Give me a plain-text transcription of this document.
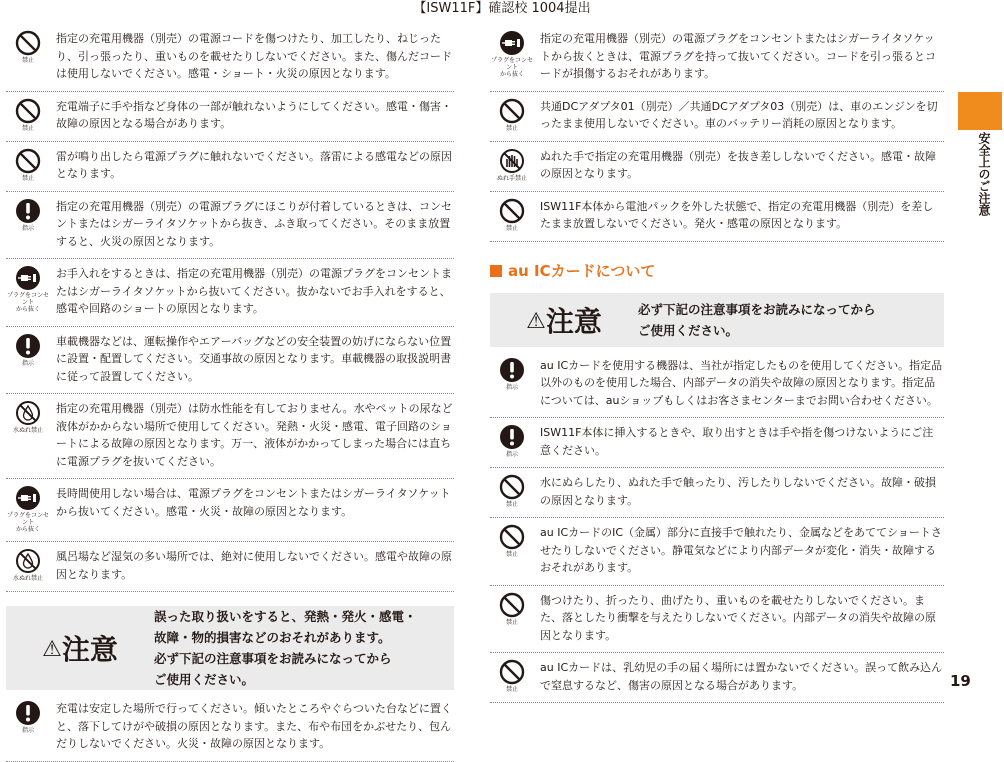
【ISW11F】確認校 1004提出
禁止
指定の充電用機器（別売）の電源コードを傷つけたり、加工したり、ねじったり、引っ張ったり、重いものを載せたりしないでください。また、傷んだコードは使用しないでください。感電・ショート・火災の原因となります。
禁止
充電端子に手や指など身体の一部が触れないようにしてください。感電・傷害・故障の原因となる場合があります。
禁止
雷が鳴り出したら電源プラグに触れないでください。落雷による感電などの原因となります。
指示
指定の充電用機器（別売）の電源プラグにほこりが付着しているときは、コンセントまたはシガーライタソケットから抜き、ふき取ってください。そのまま放置すると、火災の原因となります。
プラグをコンセント
から抜く
お手入れをするときは、指定の充電用機器（別売）の電源プラグをコンセントまたはシガーライタソケットから抜いてください。抜かないでお手入れをすると、感電や回路のショートの原因となります。
指示
車載機器などは、運転操作やエアーバッグなどの安全装置の妨げにならない位置に設置・配置してください。交通事故の原因となります。車載機器の取扱説明書に従って設置してください。
水ぬれ禁止
指定の充電用機器（別売）は防水性能を有しておりません。水やペットの尿など液体がかからない場所で使用してください。発熱・火災・感電、電子回路のショートによる故障の原因となります。万一、液体がかかってしまった場合には直ちに電源プラグを抜いてください。
プラグをコンセント
から抜く
長時間使用しない場合は、電源プラグをコンセントまたはシガーライタソケットから抜いてください。感電・火災・故障の原因となります。
水ぬれ禁止
風呂場など湿気の多い場所では、絶対に使用しないでください。感電や故障の原因となります。
⚠注意
誤った取り扱いをすると、発熱・発火・感電・
故障・物的損害などのおそれがあります。
必ず下記の注意事項をお読みになってから
ご使用ください。
指示
充電は安定した場所で行ってください。傾いたところやぐらついた台などに置くと、落下してけがや破損の原因となります。また、布や布団をかぶせたり、包んだりしないでください。火災・故障の原因となります。
プラグをコンセント
から抜く
指定の充電用機器（別売）の電源プラグをコンセントまたはシガーライタソケットから抜くときは、電源プラグを持って抜いてください。コードを引っ張るとコードが損傷するおそれがあります。
禁止
共通DCアダプタ01（別売）／共通DCアダプタ03（別売）は、車のエンジンを切ったまま使用しないでください。車のバッテリー消耗の原因となります。
ぬれ手禁止
ぬれた手で指定の充電用機器（別売）を抜き差ししないでください。感電・故障の原因となります。
禁止
ISW11F本体から電池パックを外した状態で、指定の充電用機器（別売）を差したまま放置しないでください。発火・感電の原因となります。
au ICカードについて
⚠注意	必ず下記の注意事項をお読みになってから
ご使用ください。
指示
au ICカードを使用する機器は、当社が指定したものを使用してください。指定品以外のものを使用した場合、内部データの消失や故障の原因となります。指定品については、auショップもしくはお客さまセンターまでお問い合わせください。
指示
ISW11F本体に挿入するときや、取り出すときは手や指を傷つけないようにご注意ください。
禁止
水にぬらしたり、ぬれた手で触ったり、汚したりしないでください。故障・破損の原因となります。
禁止
au ICカードのIC（金属）部分に直接手で触れたり、金属などをあててショートさせたりしないでください。静電気などにより内部データが変化・消失・故障するおそれがあります。
禁止
傷つけたり、折ったり、曲げたり、重いものを載せたりしないでください。また、落としたり衝撃を与えたりしないでください。内部データの消失や故障の原因となります。
禁止
au ICカードは、乳幼児の手の届く場所には置かないでください。誤って飲み込んで窒息するなど、傷害の原因となる場合があります。
安全上のご注意
19
